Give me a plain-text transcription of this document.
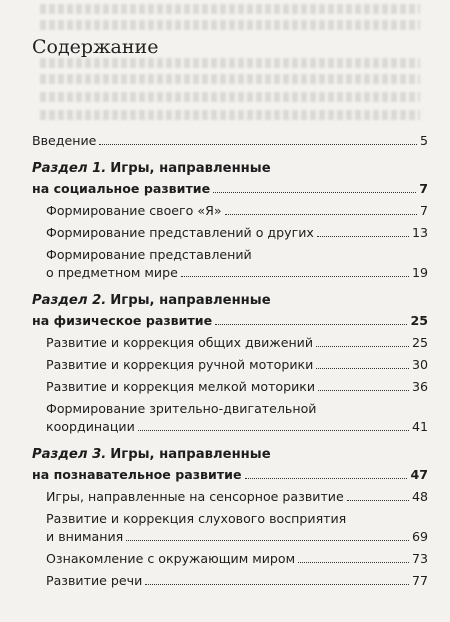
Содержание
Введение	5
Раздел 1. Игры, направленные
на социальное развитие	7
Формирование своего «Я»	7
Формирование представлений о других	13
Формирование представлений
о предметном мире	19
Раздел 2. Игры, направленные
на физическое развитие	25
Развитие и коррекция общих движений	25
Развитие и коррекция ручной моторики	30
Развитие и коррекция мелкой моторики	36
Формирование зрительно-двигательной
координации	41
Раздел 3. Игры, направленные
на познавательное развитие	47
Игры, направленные на сенсорное развитие	48
Развитие и коррекция слухового восприятия
и внимания	69
Ознакомление с окружающим миром	73
Развитие речи	77
